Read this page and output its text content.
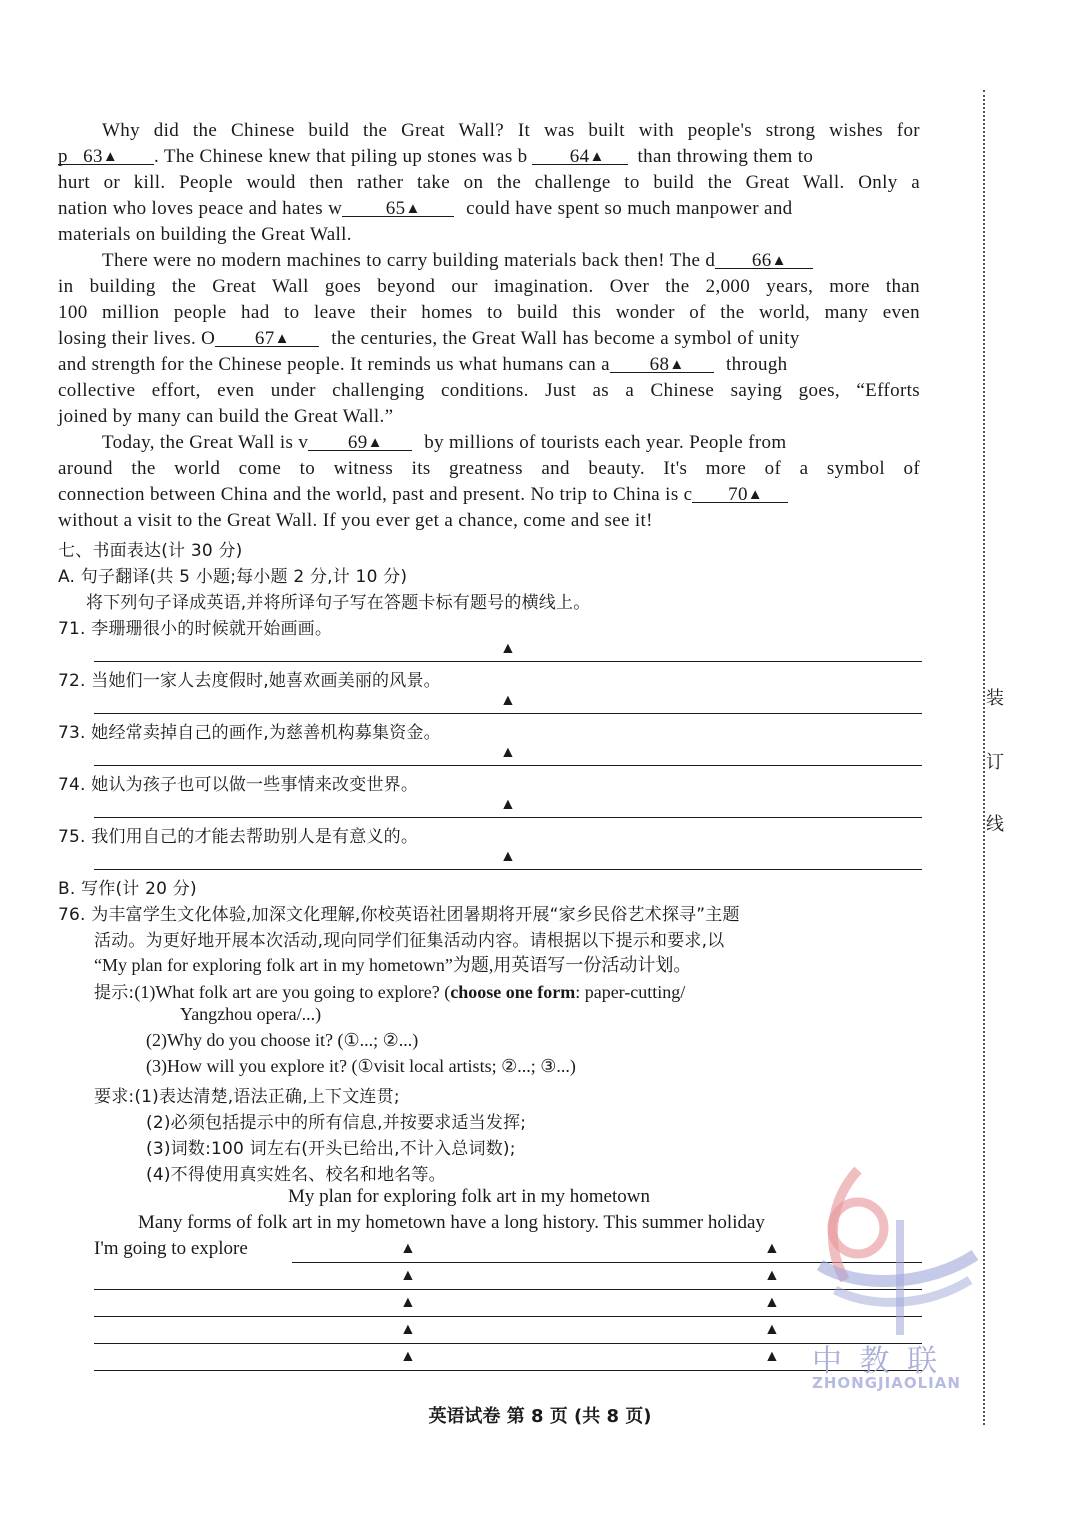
Why did the Chinese build the Great Wall? It was built with people's strong wishes for
p 63▲ . The Chinese knew that piling up stones was b 64▲ than throwing them to
hurt or kill. People would then rather take on the challenge to build the Great Wall. Only a
nation who loves peace and hates w 65▲ could have spent so much manpower and
materials on building the Great Wall.
There were no modern machines to carry building materials back then! The d 66▲
in building the Great Wall goes beyond our imagination. Over the 2,000 years, more than
100 million people had to leave their homes to build this wonder of the world, many even
losing their lives. O 67▲ the centuries, the Great Wall has become a symbol of unity
and strength for the Chinese people. It reminds us what humans can a 68▲ through
collective effort, even under challenging conditions. Just as a Chinese saying goes, “Efforts
joined by many can build the Great Wall.”
Today, the Great Wall is v 69▲ by millions of tourists each year. People from
around the world come to witness its greatness and beauty. It's more of a symbol of
connection between China and the world, past and present. No trip to China is c 70▲
without a visit to the Great Wall. If you ever get a chance, come and see it!
七、书面表达(计 30 分)
A. 句子翻译(共 5 小题;每小题 2 分,计 10 分)
将下列句子译成英语,并将所译句子写在答题卡标有题号的横线上。
71. 李珊珊很小的时候就开始画画。
▲
72. 当她们一家人去度假时,她喜欢画美丽的风景。
▲
73. 她经常卖掉自己的画作,为慈善机构募集资金。
▲
74. 她认为孩子也可以做一些事情来改变世界。
▲
75. 我们用自己的才能去帮助别人是有意义的。
▲
B. 写作(计 20 分)
76. 为丰富学生文化体验,加深文化理解,你校英语社团暑期将开展“家乡民俗艺术探寻”主题
活动。为更好地开展本次活动,现向同学们征集活动内容。请根据以下提示和要求,以
“My plan for exploring folk art in my hometown”为题,用英语写一份活动计划。
提示:(1)What folk art are you going to explore? (choose one form: paper-cutting/
Yangzhou opera/...)
(2)Why do you choose it? (①...; ②...)
(3)How will you explore it? (①visit local artists; ②...; ③...)
要求:(1)表达清楚,语法正确,上下文连贯;
(2)必须包括提示中的所有信息,并按要求适当发挥;
(3)词数:100 词左右(开头已给出,不计入总词数);
(4)不得使用真实姓名、校名和地名等。
My plan for exploring folk art in my hometown
Many forms of folk art in my hometown have a long history. This summer holiday
I'm going to explore	▲	▲
▲	▲
▲	▲
▲	▲
▲	▲ 中 教 联
ZHONGJIAOLIAN
装
订
线
英语试卷 第 8 页 (共 8 页)
